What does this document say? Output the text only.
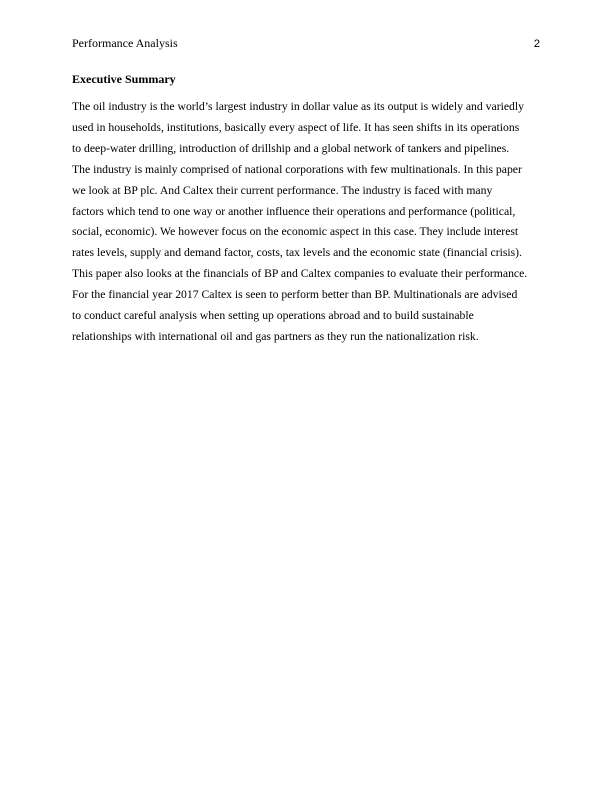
Performance Analysis	2
Executive Summary

The oil industry is the world’s largest industry in dollar value as its output is widely and variedly
used in households, institutions, basically every aspect of life. It has seen shifts in its operations
to deep-water drilling, introduction of drillship and a global network of tankers and pipelines.
The industry is mainly comprised of national corporations with few multinationals. In this paper
we look at BP plc. And Caltex their current performance. The industry is faced with many
factors which tend to one way or another influence their operations and performance (political,
social, economic). We however focus on the economic aspect in this case. They include interest
rates levels, supply and demand factor, costs, tax levels and the economic state (financial crisis).
This paper also looks at the financials of BP and Caltex companies to evaluate their performance.
For the financial year 2017 Caltex is seen to perform better than BP. Multinationals are advised
to conduct careful analysis when setting up operations abroad and to build sustainable
relationships with international oil and gas partners as they run the nationalization risk.
